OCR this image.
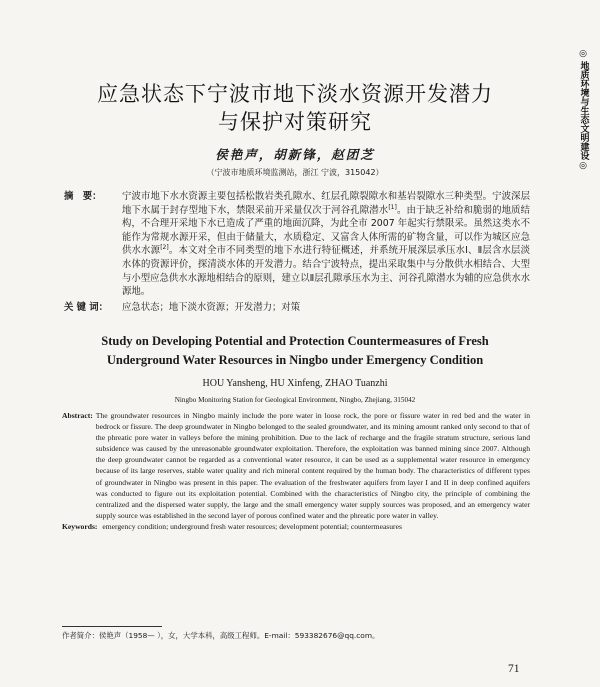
◎
地质环境与生态文明建设
◎
应急状态下宁波市地下淡水资源开发潜力
与保护对策研究
侯艳声，胡新锋，赵团芝
（宁波市地质环境监测站，浙江 宁波，315042）
摘　要：	宁波市地下水水资源主要包括松散岩类孔隙水、红层孔隙裂隙水和基岩裂隙水三种类型。宁波深层地下水属于封存型地下水，禁限采前开采量仅次于河谷孔隙潜水[1]。由于缺乏补给和脆弱的地质结构，不合理开采地下水已造成了严重的地面沉降，为此全市 2007 年起实行禁限采。虽然这类水不能作为常规水源开采，但由于储量大，水质稳定、又富含人体所需的矿物含量，可以作为城区应急供水水源[2]。本文对全市不同类型的地下水进行特征概述，并系统开展深层承压水Ⅰ、Ⅱ层含水层淡水体的资源评价，探清淡水体的开发潜力。结合宁波特点，提出采取集中与分散供水相结合、大型与小型应急供水水源地相结合的原则，建立以Ⅱ层孔隙承压水为主、河谷孔隙潜水为辅的应急供水水源地。
关 键 词：	应急状态；地下淡水资源；开发潜力；对策
Study on Developing Potential and Protection Countermeasures of Fresh
Underground Water Resources in Ningbo under Emergency Condition
HOU Yansheng, HU Xinfeng, ZHAO Tuanzhi
Ningbo Monitoring Station for Geological Environment, Ningbo, Zhejiang, 315042
Abstract: The groundwater resources in Ningbo mainly include the pore water in loose rock, the pore or fissure water in red bed and the water in bedrock or fissure. The deep groundwater in Ningbo belonged to the sealed groundwater, and its mining amount ranked only second to that of the phreatic pore water in valleys before the mining prohibition. Due to the lack of recharge and the fragile stratum structure, serious land subsidence was caused by the unreasonable groundwater exploitation. Therefore, the exploitation was banned mining since 2007. Although the deep groundwater cannot be regarded as a conventional water resource, it can be used as a supplemental water resource in emergency because of its large reserves, stable water quality and rich mineral content required by the human body. The characteristics of different types of groundwater in Ningbo was present in this paper. The evaluation of the freshwater aquifers from layer I and II in deep confined aquifers was conducted to figure out its exploitation potential. Combined with the characteristics of Ningbo city, the principle of combining the centralized and the dispersed water supply, the large and the small emergency water supply sources was proposed, and an emergency water supply source was established in the second layer of porous confined water and the phreatic pore water in valley.
Keywords: emergency condition; underground fresh water resources; development potential; countermeasures
作者简介：侯艳声（1958— ），女，大学本科，高级工程师。E-mail：593382676@qq.com。
71
